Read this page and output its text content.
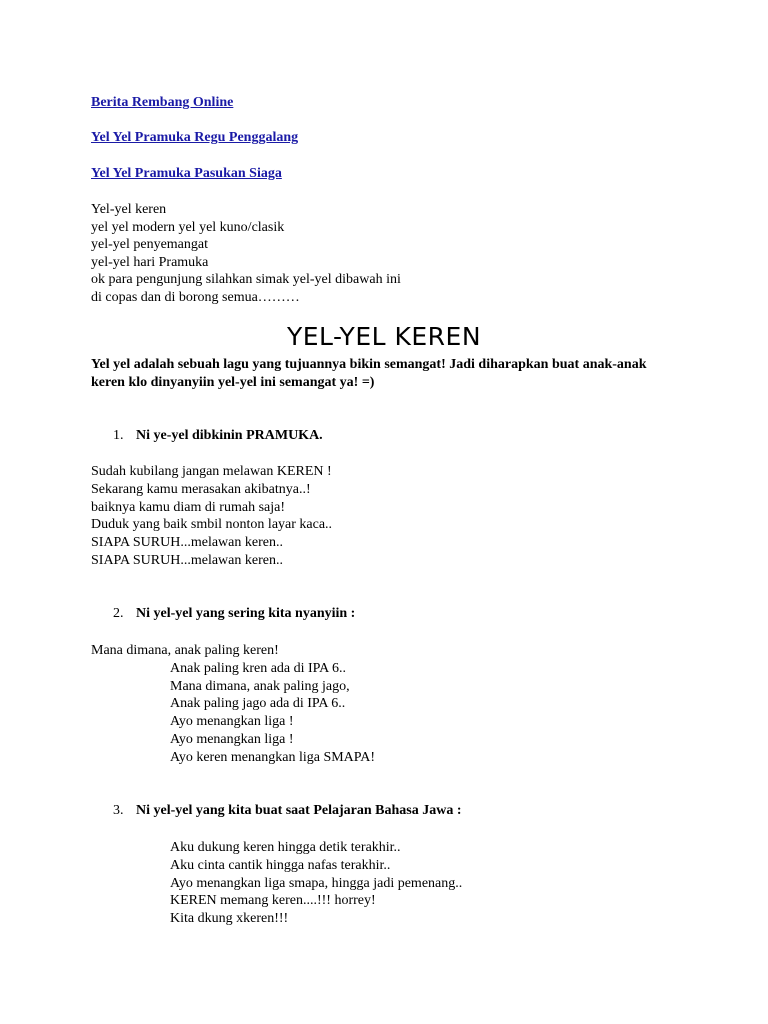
Berita Rembang Online
Yel Yel Pramuka Regu Penggalang
Yel Yel Pramuka Pasukan Siaga
Yel-yel keren
yel yel modern yel yel kuno/clasik
yel-yel penyemangat
yel-yel hari Pramuka
ok para pengunjung silahkan simak yel-yel dibawah ini
di copas dan di borong semua………
YEL-YEL KEREN
Yel yel adalah sebuah lagu yang tujuannya bikin semangat! Jadi diharapkan buat anak-anak keren klo dinyanyiin yel-yel ini semangat ya! =)
1. Ni ye-yel dibkinin PRAMUKA.
Sudah kubilang jangan melawan KEREN !
Sekarang kamu merasakan akibatnya..!
baiknya kamu diam di rumah saja!
Duduk yang baik smbil nonton layar kaca..
SIAPA SURUH...melawan keren..
SIAPA SURUH...melawan keren..
2. Ni yel-yel yang sering kita nyanyiin :
Mana dimana, anak paling keren!
Anak paling kren ada di IPA 6..
Mana dimana, anak paling jago,
Anak paling jago ada di IPA 6..
Ayo menangkan liga !
Ayo menangkan liga !
Ayo keren menangkan liga SMAPA!
3. Ni yel-yel yang kita buat saat Pelajaran Bahasa Jawa :
Aku dukung keren hingga detik terakhir..
Aku cinta cantik hingga nafas terakhir..
Ayo menangkan liga smapa, hingga jadi pemenang..
KEREN memang keren....!!! horrey!
Kita dkung xkeren!!!
